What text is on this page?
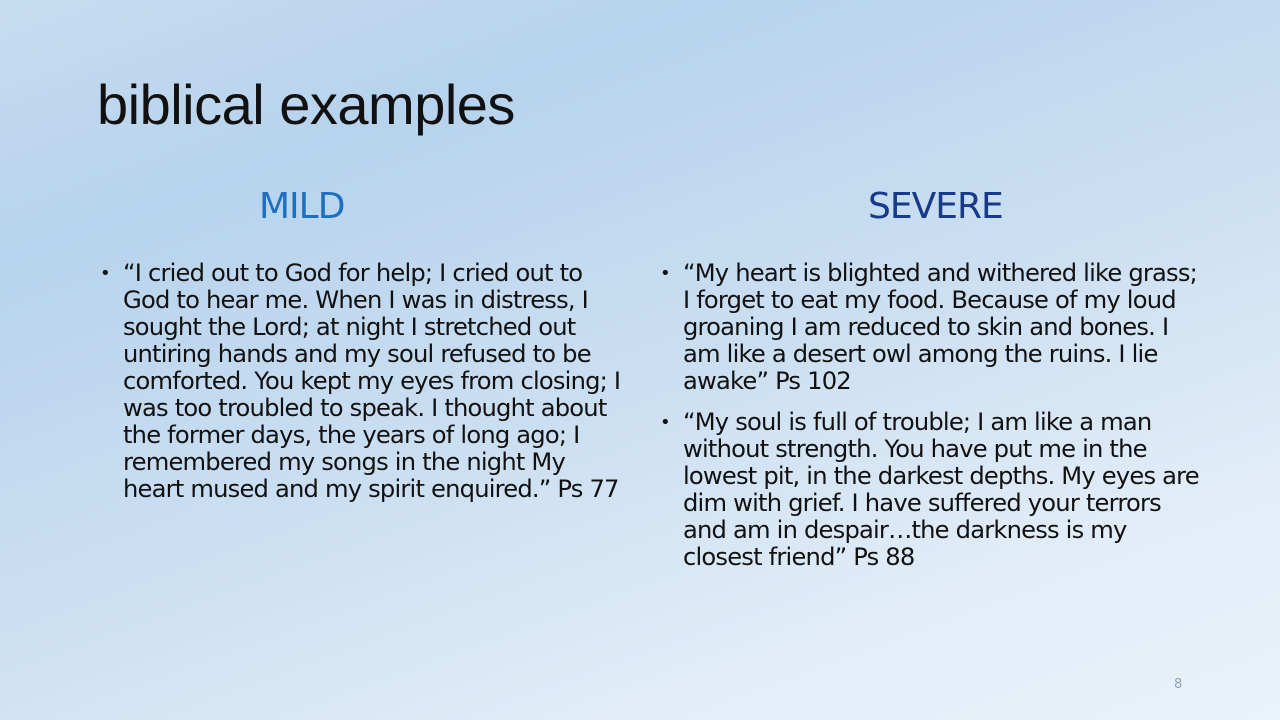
biblical examples
MILD	SEVERE
• “I cried out to God for help; I cried out to God to hear me. When I was in distress, I sought the Lord; at night I stretched out untiring hands and my soul refused to be comforted. You kept my eyes from closing; I was too troubled to speak. I thought about the former days, the years of long ago; I remembered my songs in the night My heart mused and my spirit enquired.” Ps 77
• “My heart is blighted and withered like grass; I forget to eat my food. Because of my loud groaning I am reduced to skin and bones. I am like a desert owl among the ruins. I lie awake” Ps 102
• “My soul is full of trouble; I am like a man without strength. You have put me in the lowest pit, in the darkest depths. My eyes are dim with grief. I have suffered your terrors and am in despair…the darkness is my closest friend” Ps 88
8
